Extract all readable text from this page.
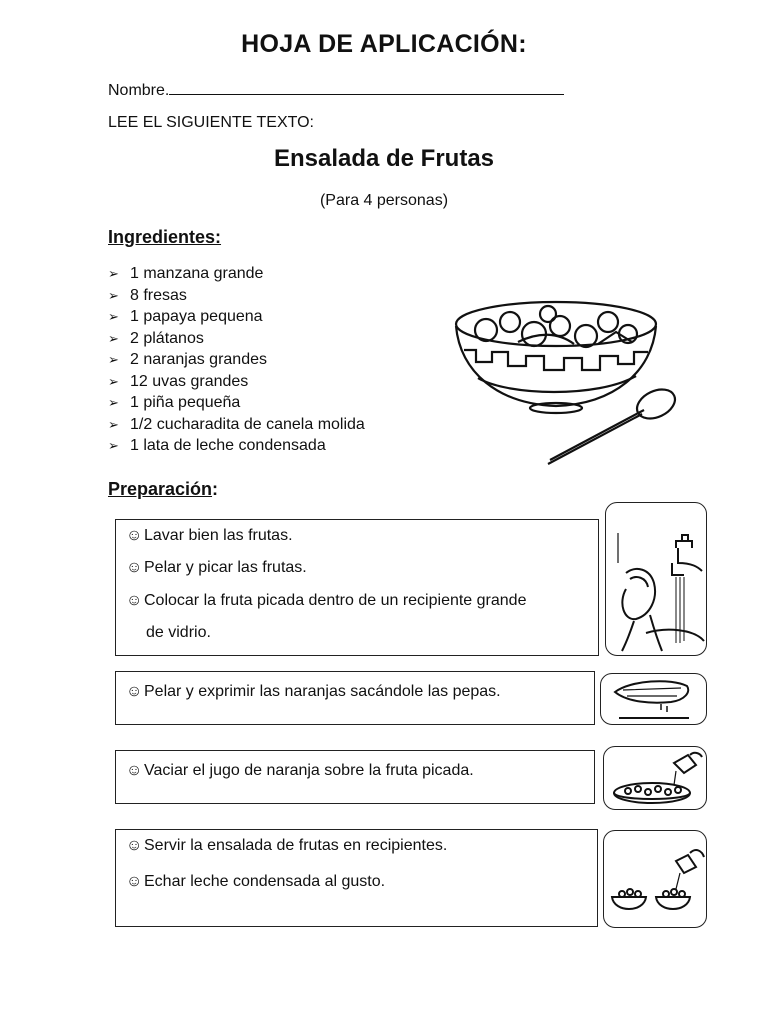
HOJA DE APLICACIÓN:
Nombre.
LEE EL SIGUIENTE TEXTO:
Ensalada de Frutas
(Para 4 personas)
Ingredientes:
➢ 1 manzana grande
➢ 8 fresas
➢ 1 papaya pequena
➢ 2 plátanos
➢ 2 naranjas grandes
➢ 12 uvas grandes
➢ 1 piña pequeña
➢ 1/2 cucharadita de canela molida
➢ 1 lata de leche condensada
Preparación:
☺ Lavar bien las frutas.
☺ Pelar y picar las frutas.
☺ Colocar la fruta picada dentro de un recipiente grande
de vidrio.
☺ Pelar y exprimir las naranjas sacándole las pepas.
☺ Vaciar el jugo de naranja sobre la fruta picada.
☺ Servir la ensalada de frutas en recipientes.
☺ Echar leche condensada al gusto.
